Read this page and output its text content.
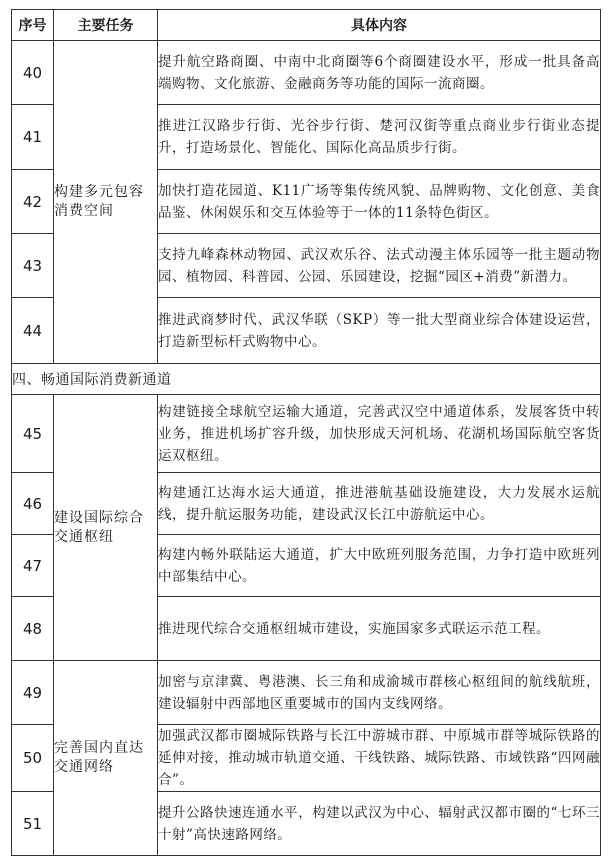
序号	主要任务	具体内容
40	构建多元包容消费空间	提升航空路商圈、中南中北商圈等6个商圈建设水平，形成一批具备高端购物、文化旅游、金融商务等功能的国际一流商圈。
41		推进江汉路步行街、光谷步行街、楚河汉街等重点商业步行街业态提升，打造场景化、智能化、国际化高品质步行街。
42		加快打造花园道、K11广场等集传统风貌、品牌购物、文化创意、美食品鉴、休闲娱乐和交互体验等于一体的11条特色街区。
43		支持九峰森林动物园、武汉欢乐谷、法式动漫主体乐园等一批主题动物园、植物园、科普园、公园、乐园建设，挖掘“园区+消费”新潜力。
44		推进武商梦时代、武汉华联（SKP）等一批大型商业综合体建设运营，打造新型标杆式购物中心。
四、畅通国际消费新通道		
45	建设国际综合交通枢纽	构建链接全球航空运输大通道，完善武汉空中通道体系，发展客货中转业务，推进机场扩容升级，加快形成天河机场、花湖机场国际航空客货运双枢纽。
46		构建通江达海水运大通道，推进港航基础设施建设，大力发展水运航线，提升航运服务功能，建设武汉长江中游航运中心。
47		构建内畅外联陆运大通道，扩大中欧班列服务范围，力争打造中欧班列中部集结中心。
48		推进现代综合交通枢纽城市建设，实施国家多式联运示范工程。
49	完善国内直达交通网络	加密与京津冀、粤港澳、长三角和成渝城市群核心枢纽间的航线航班，建设辐射中西部地区重要城市的国内支线网络。
50		加强武汉都市圈城际铁路与长江中游城市群、中原城市群等城际铁路的延伸对接，推动城市轨道交通、干线铁路、城际铁路、市域铁路“四网融合”。
51		提升公路快速连通水平，构建以武汉为中心、辐射武汉都市圈的“七环三十射”高快速路网络。
